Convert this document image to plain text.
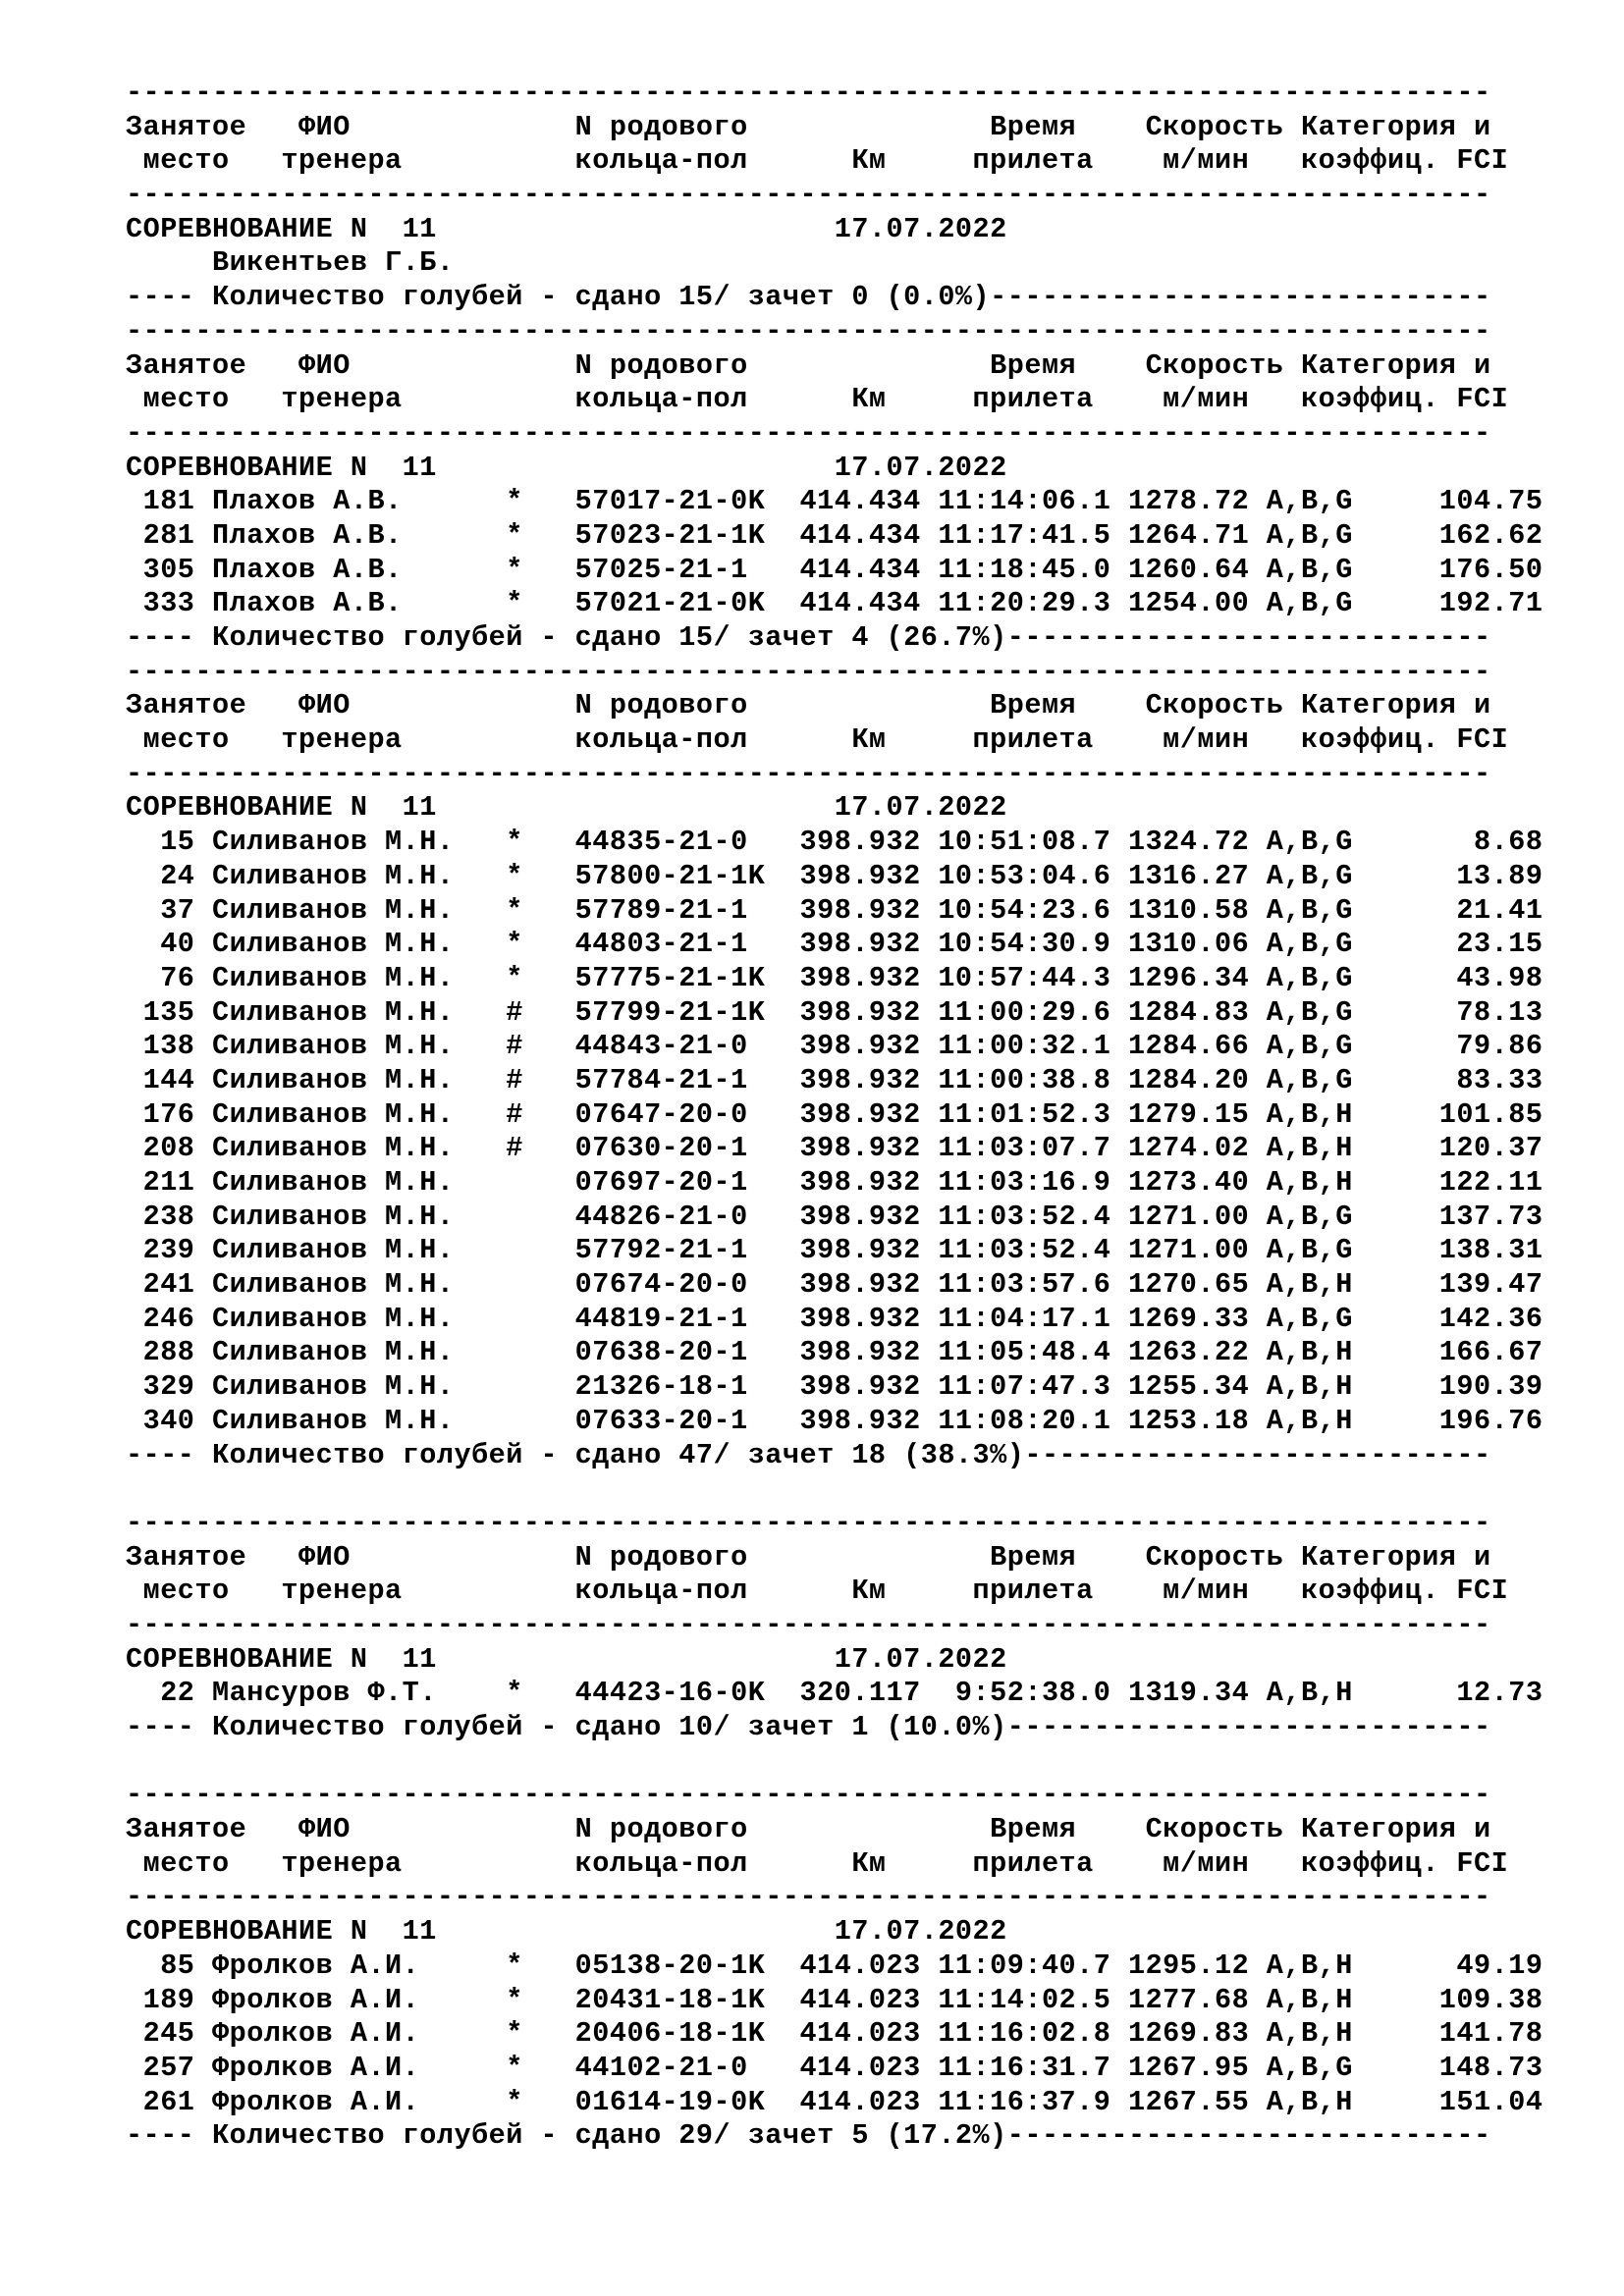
-------------------------------------------------------------------------------
Занятое   ФИО             N родового              Время    Скорость Категория и
место   тренера          кольца-пол      Км     прилета    м/мин   коэффиц. FCI
-------------------------------------------------------------------------------
СОРЕВНОВАНИЕ N  11                       17.07.2022
Викентьев Г.Б.
---- Количество голубей - сдано 15/ зачет 0 (0.0%)-----------------------------
-------------------------------------------------------------------------------
Занятое   ФИО             N родового              Время    Скорость Категория и
место   тренера          кольца-пол      Км     прилета    м/мин   коэффиц. FCI
-------------------------------------------------------------------------------
СОРЕВНОВАНИЕ N  11                       17.07.2022
181 Плахов А.В.      *   57017-21-0K  414.434 11:14:06.1 1278.72 A,B,G     104.75
281 Плахов А.В.      *   57023-21-1K  414.434 11:17:41.5 1264.71 A,B,G     162.62
305 Плахов А.В.      *   57025-21-1   414.434 11:18:45.0 1260.64 A,B,G     176.50
333 Плахов А.В.      *   57021-21-0K  414.434 11:20:29.3 1254.00 A,B,G     192.71
---- Количество голубей - сдано 15/ зачет 4 (26.7%)----------------------------
-------------------------------------------------------------------------------
Занятое   ФИО             N родового              Время    Скорость Категория и
место   тренера          кольца-пол      Км     прилета    м/мин   коэффиц. FCI
-------------------------------------------------------------------------------
СОРЕВНОВАНИЕ N  11                       17.07.2022
15 Силиванов М.Н.   *   44835-21-0   398.932 10:51:08.7 1324.72 A,B,G       8.68
24 Силиванов М.Н.   *   57800-21-1K  398.932 10:53:04.6 1316.27 A,B,G      13.89
37 Силиванов М.Н.   *   57789-21-1   398.932 10:54:23.6 1310.58 A,B,G      21.41
40 Силиванов М.Н.   *   44803-21-1   398.932 10:54:30.9 1310.06 A,B,G      23.15
76 Силиванов М.Н.   *   57775-21-1K  398.932 10:57:44.3 1296.34 A,B,G      43.98
135 Силиванов М.Н.   #   57799-21-1K  398.932 11:00:29.6 1284.83 A,B,G      78.13
138 Силиванов М.Н.   #   44843-21-0   398.932 11:00:32.1 1284.66 A,B,G      79.86
144 Силиванов М.Н.   #   57784-21-1   398.932 11:00:38.8 1284.20 A,B,G      83.33
176 Силиванов М.Н.   #   07647-20-0   398.932 11:01:52.3 1279.15 A,B,H     101.85
208 Силиванов М.Н.   #   07630-20-1   398.932 11:03:07.7 1274.02 A,B,H     120.37
211 Силиванов М.Н.       07697-20-1   398.932 11:03:16.9 1273.40 A,B,H     122.11
238 Силиванов М.Н.       44826-21-0   398.932 11:03:52.4 1271.00 A,B,G     137.73
239 Силиванов М.Н.       57792-21-1   398.932 11:03:52.4 1271.00 A,B,G     138.31
241 Силиванов М.Н.       07674-20-0   398.932 11:03:57.6 1270.65 A,B,H     139.47
246 Силиванов М.Н.       44819-21-1   398.932 11:04:17.1 1269.33 A,B,G     142.36
288 Силиванов М.Н.       07638-20-1   398.932 11:05:48.4 1263.22 A,B,H     166.67
329 Силиванов М.Н.       21326-18-1   398.932 11:07:47.3 1255.34 A,B,H     190.39
340 Силиванов М.Н.       07633-20-1   398.932 11:08:20.1 1253.18 A,B,H     196.76
---- Количество голубей - сдано 47/ зачет 18 (38.3%)---------------------------
-------------------------------------------------------------------------------
Занятое   ФИО             N родового              Время    Скорость Категория и
место   тренера          кольца-пол      Км     прилета    м/мин   коэффиц. FCI
-------------------------------------------------------------------------------
СОРЕВНОВАНИЕ N  11                       17.07.2022
22 Мансуров Ф.Т.    *   44423-16-0K  320.117  9:52:38.0 1319.34 A,B,H      12.73
---- Количество голубей - сдано 10/ зачет 1 (10.0%)----------------------------
-------------------------------------------------------------------------------
Занятое   ФИО             N родового              Время    Скорость Категория и
место   тренера          кольца-пол      Км     прилета    м/мин   коэффиц. FCI
-------------------------------------------------------------------------------
СОРЕВНОВАНИЕ N  11                       17.07.2022
85 Фролков А.И.     *   05138-20-1K  414.023 11:09:40.7 1295.12 A,B,H      49.19
189 Фролков А.И.     *   20431-18-1K  414.023 11:14:02.5 1277.68 A,B,H     109.38
245 Фролков А.И.     *   20406-18-1K  414.023 11:16:02.8 1269.83 A,B,H     141.78
257 Фролков А.И.     *   44102-21-0   414.023 11:16:31.7 1267.95 A,B,G     148.73
261 Фролков А.И.     *   01614-19-0K  414.023 11:16:37.9 1267.55 A,B,H     151.04
---- Количество голубей - сдано 29/ зачет 5 (17.2%)----------------------------
